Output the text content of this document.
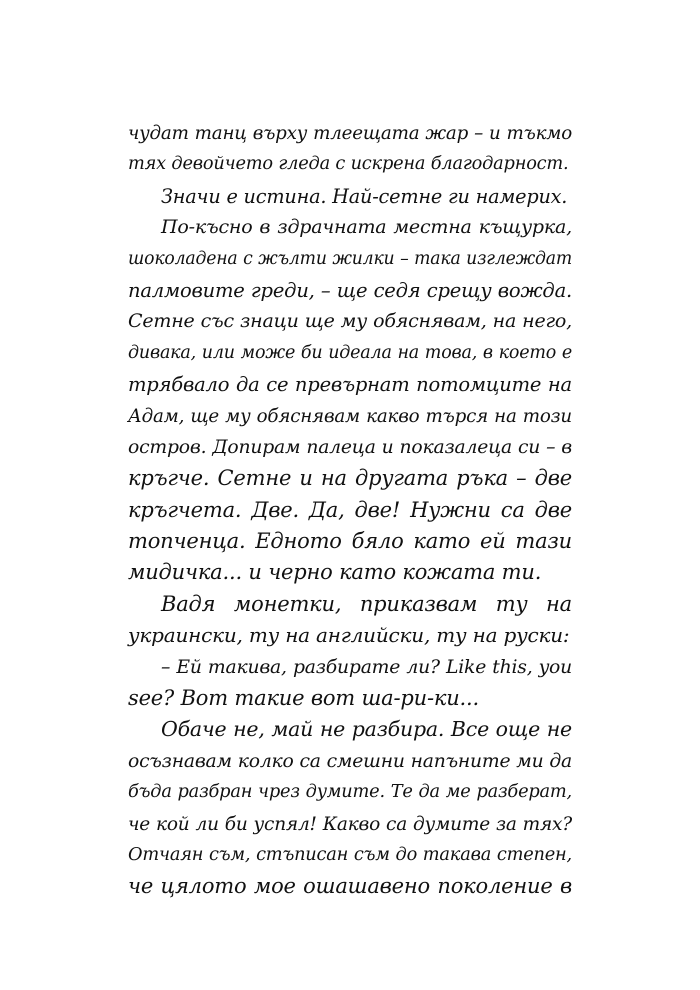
чудат танц върху тлеещата жар – и тъкмо
тях девойчето гледа с искрена благодарност.
Значи е истина. Най-сетне ги намерих.
По-късно в здрачната местна къщурка,
шоколадена с жълти жилки – така изглеждат
палмовите греди, – ще седя срещу вожда.
Сетне със знаци ще му обяснявам, на него,
дивака, или може би идеала на това, в което е
трябвало да се превърнат потомците на
Адам, ще му обяснявам какво търся на този
остров. Допирам палеца и показалеца си – в
кръгче. Сетне и на другата ръка – две
кръгчета. Две. Да, две! Нужни са две
топченца. Едното бяло като ей тази
мидичка... и черно като кожата ти.
Вадя монетки, приказвам ту на
украински, ту на английски, ту на руски:
– Ей такива, разбирате ли? Like this, you
see? Вот такие вот ша-ри-ки...
Обаче не, май не разбира. Все още не
осъзнавам колко са смешни напъните ми да
бъда разбран чрез думите. Те да ме разберат,
че кой ли би успял! Какво са думите за тях?
Отчаян съм, стъписан съм до такава степен,
че цялото мое ошашавено поколение в
